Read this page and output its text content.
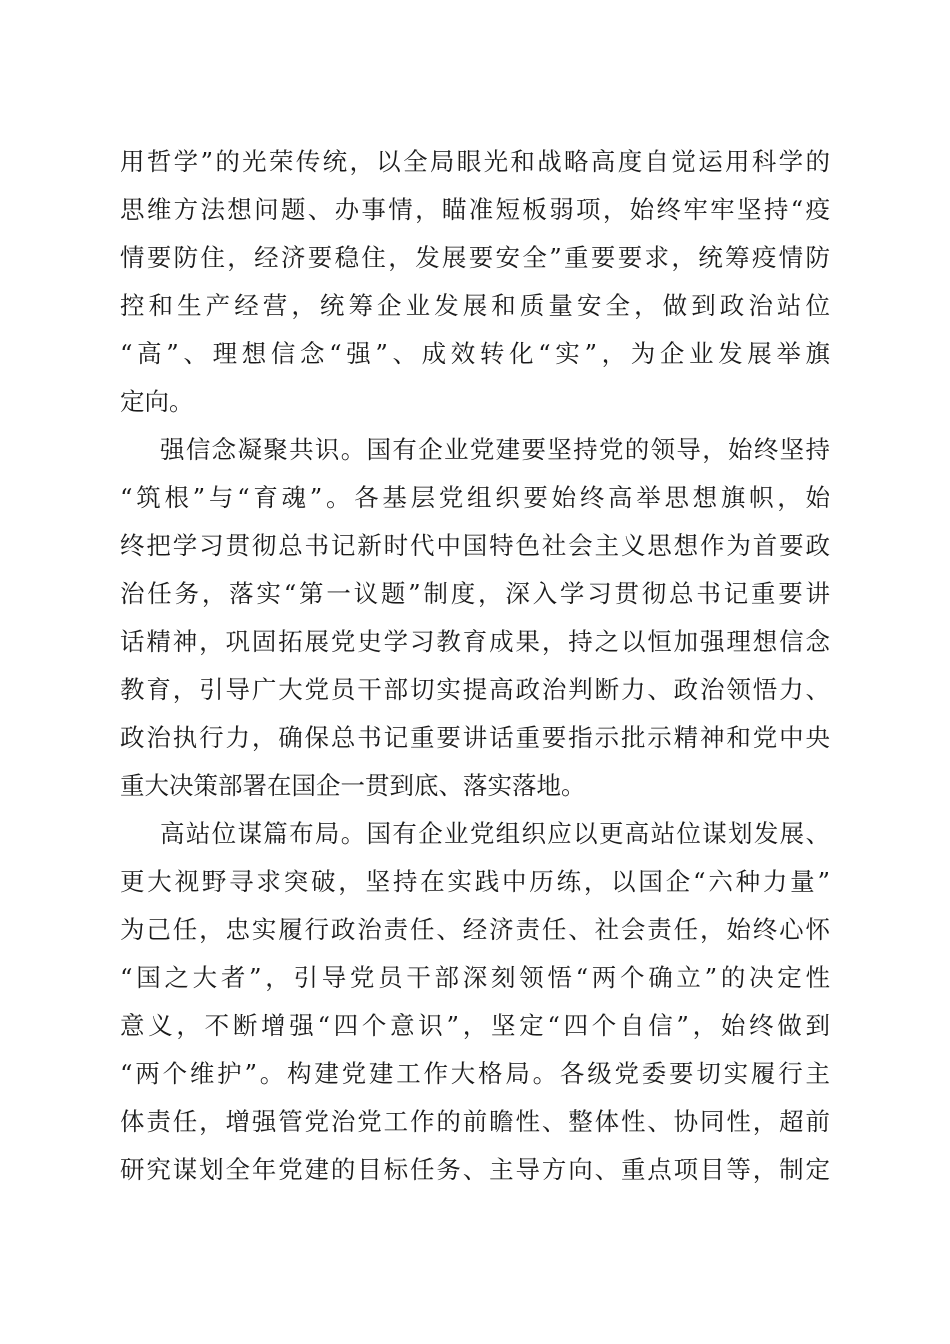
用哲学”的光荣传统，以全局眼光和战略高度自觉运用科学的
思维方法想问题、办事情，瞄准短板弱项，始终牢牢坚持“疫
情要防住，经济要稳住，发展要安全”重要要求，统筹疫情防
控和生产经营，统筹企业发展和质量安全，做到政治站位
“高”、理想信念“强”、成效转化“实”，为企业发展举旗
定向。
强信念凝聚共识。国有企业党建要坚持党的领导，始终坚持
“筑根”与“育魂”。各基层党组织要始终高举思想旗帜，始
终把学习贯彻总书记新时代中国特色社会主义思想作为首要政
治任务，落实“第一议题”制度，深入学习贯彻总书记重要讲
话精神，巩固拓展党史学习教育成果，持之以恒加强理想信念
教育，引导广大党员干部切实提高政治判断力、政治领悟力、
政治执行力，确保总书记重要讲话重要指示批示精神和党中央
重大决策部署在国企一贯到底、落实落地。
高站位谋篇布局。国有企业党组织应以更高站位谋划发展、
更大视野寻求突破，坚持在实践中历练，以国企“六种力量”
为己任，忠实履行政治责任、经济责任、社会责任，始终心怀
“国之大者”，引导党员干部深刻领悟“两个确立”的决定性
意义，不断增强“四个意识”，坚定“四个自信”，始终做到
“两个维护”。构建党建工作大格局。各级党委要切实履行主
体责任，增强管党治党工作的前瞻性、整体性、协同性，超前
研究谋划全年党建的目标任务、主导方向、重点项目等，制定
